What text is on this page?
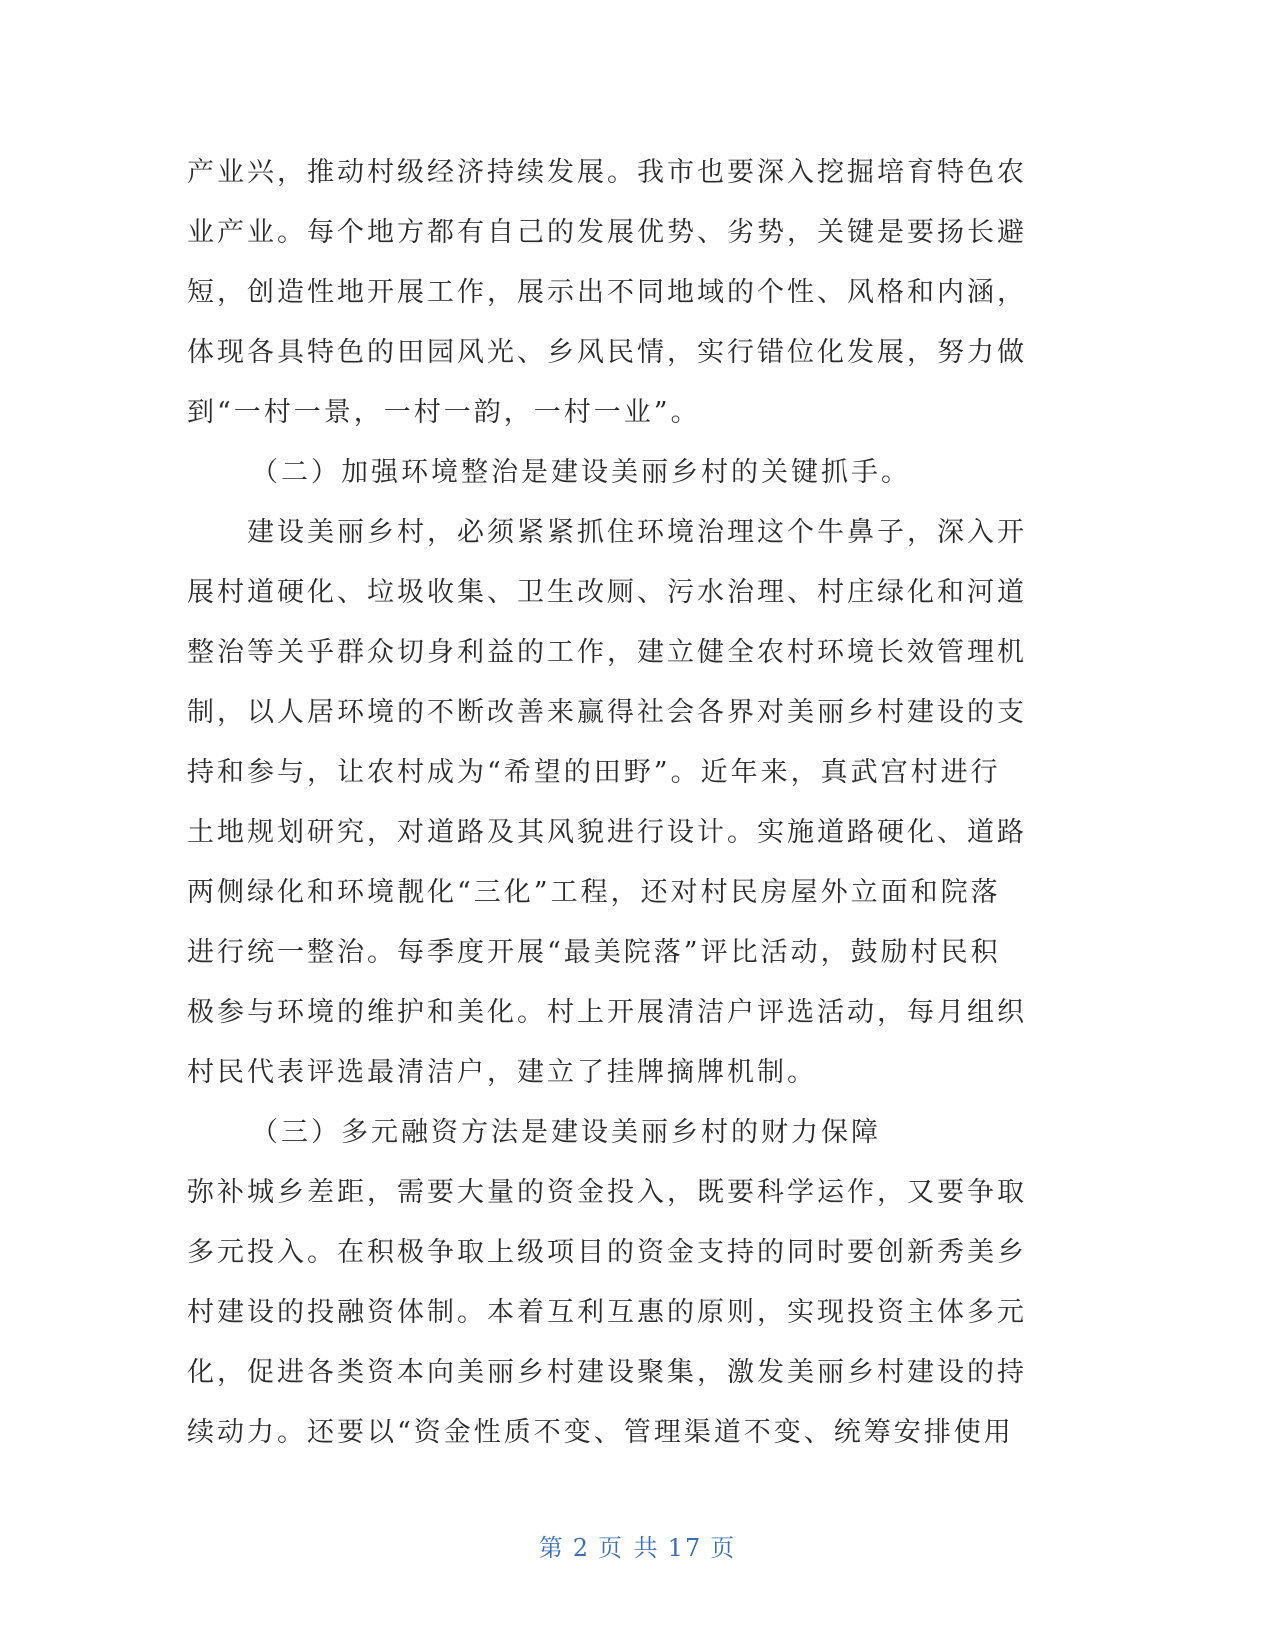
产业兴，推动村级经济持续发展。我市也要深入挖掘培育特色农
业产业。每个地方都有自己的发展优势、劣势，关键是要扬长避
短，创造性地开展工作，展示出不同地域的个性、风格和内涵，
体现各具特色的田园风光、乡风民情，实行错位化发展，努力做
到“一村一景，一村一韵，一村一业”。
（二）加强环境整治是建设美丽乡村的关键抓手。
建设美丽乡村，必须紧紧抓住环境治理这个牛鼻子，深入开
展村道硬化、垃圾收集、卫生改厕、污水治理、村庄绿化和河道
整治等关乎群众切身利益的工作，建立健全农村环境长效管理机
制，以人居环境的不断改善来赢得社会各界对美丽乡村建设的支
持和参与，让农村成为“希望的田野”。近年来，真武宫村进行
土地规划研究，对道路及其风貌进行设计。实施道路硬化、道路
两侧绿化和环境靓化“三化”工程，还对村民房屋外立面和院落
进行统一整治。每季度开展“最美院落”评比活动，鼓励村民积
极参与环境的维护和美化。村上开展清洁户评选活动，每月组织
村民代表评选最清洁户，建立了挂牌摘牌机制。
（三）多元融资方法是建设美丽乡村的财力保障
弥补城乡差距，需要大量的资金投入，既要科学运作，又要争取
多元投入。在积极争取上级项目的资金支持的同时要创新秀美乡
村建设的投融资体制。本着互利互惠的原则，实现投资主体多元
化，促进各类资本向美丽乡村建设聚集，激发美丽乡村建设的持
续动力。还要以“资金性质不变、管理渠道不变、统筹安排使用
第 2 页 共 17 页
